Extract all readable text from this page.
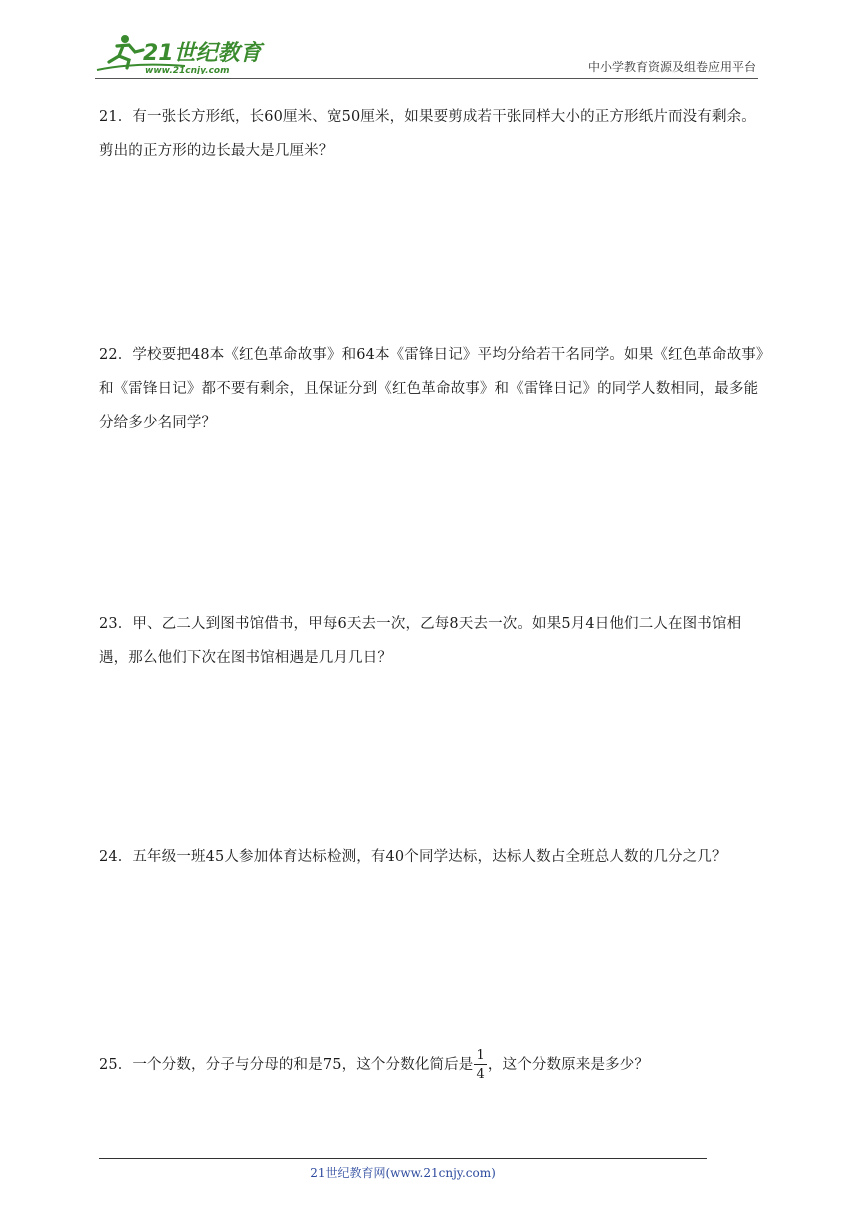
21世纪教育
www.21cnjy.com	中小学教育资源及组卷应用平台

21．有一张长方形纸，长60厘米、宽50厘米，如果要剪成若干张同样大小的正方形纸片而没有剩余。剪出的正方形的边长最大是几厘米？

22．学校要把48本《红色革命故事》和64本《雷锋日记》平均分给若干名同学。如果《红色革命故事》和《雷锋日记》都不要有剩余，且保证分到《红色革命故事》和《雷锋日记》的同学人数相同，最多能分给多少名同学？

23．甲、乙二人到图书馆借书，甲每6天去一次，乙每8天去一次。如果5月4日他们二人在图书馆相遇，那么他们下次在图书馆相遇是几月几日？

24．五年级一班45人参加体育达标检测，有40个同学达标，达标人数占全班总人数的几分之几？

25．一个分数，分子与分母的和是75，这个分数化简后是 $\frac{1}{4}$ ，这个分数原来是多少？

21世纪教育网(www.21cnjy.com)
